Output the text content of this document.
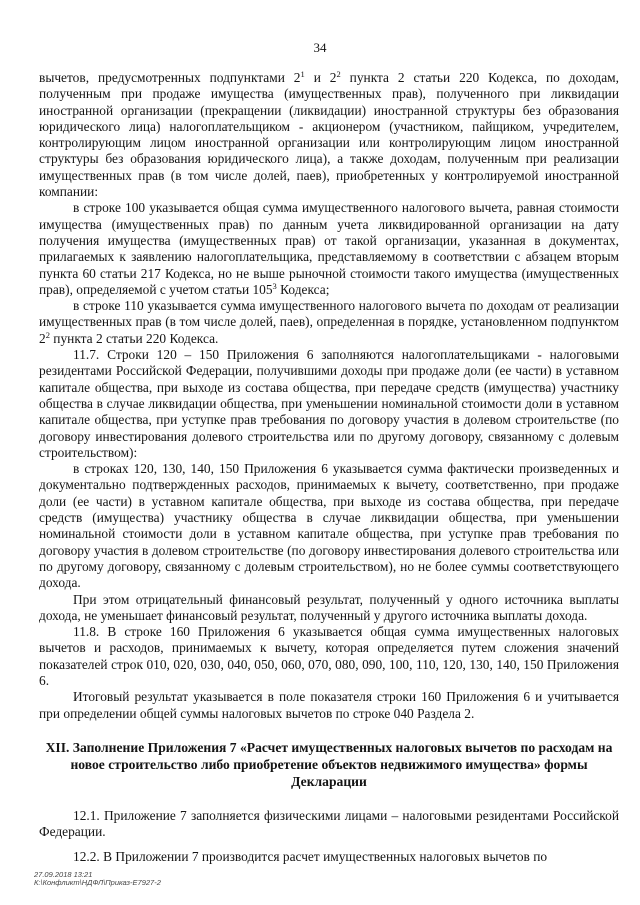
34

вычетов, предусмотренных подпунктами $2^1$ и $2^2$ пункта 2 статьи 220 Кодекса, по доходам, полученным при продаже имущества (имущественных прав), полученного при ликвидации иностранной организации (прекращении (ликвидации) иностранной структуры без образования юридического лица) налогоплательщиком - акционером (участником, пайщиком, учредителем, контролирующим лицом иностранной организации или контролирующим лицом иностранной структуры без образования юридического лица), а также доходам, полученным при реализации имущественных прав (в том числе долей, паев), приобретенных у контролируемой иностранной компании:

в строке 100 указывается общая сумма имущественного налогового вычета, равная стоимости имущества (имущественных прав) по данным учета ликвидированной организации на дату получения имущества (имущественных прав) от такой организации, указанная в документах, прилагаемых к заявлению налогоплательщика, представляемому в соответствии с абзацем вторым пункта 60 статьи 217 Кодекса, но не выше рыночной стоимости такого имущества (имущественных прав), определяемой с учетом статьи $105^3$ Кодекса;

в строке 110 указывается сумма имущественного налогового вычета по доходам от реализации имущественных прав (в том числе долей, паев), определенная в порядке, установленном подпунктом $2^2$ пункта 2 статьи 220 Кодекса.

11.7. Строки 120 – 150 Приложения 6 заполняются налогоплательщиками - налоговыми резидентами Российской Федерации, получившими доходы при продаже доли (ее части) в уставном капитале общества, при выходе из состава общества, при передаче средств (имущества) участнику общества в случае ликвидации общества, при уменьшении номинальной стоимости доли в уставном капитале общества, при уступке прав требования по договору участия в долевом строительстве (по договору инвестирования долевого строительства или по другому договору, связанному с долевым строительством):

в строках 120, 130, 140, 150 Приложения 6 указывается сумма фактически произведенных и документально подтвержденных расходов, принимаемых к вычету, соответственно, при продаже доли (ее части) в уставном капитале общества, при выходе из состава общества, при передаче средств (имущества) участнику общества в случае ликвидации общества, при уменьшении номинальной стоимости доли в уставном капитале общества, при уступке прав требования по договору участия в долевом строительстве (по договору инвестирования долевого строительства или по другому договору, связанному с долевым строительством), но не более суммы соответствующего дохода.

При этом отрицательный финансовый результат, полученный у одного источника выплаты дохода, не уменьшает финансовый результат, полученный у другого источника выплаты дохода.

11.8. В строке 160 Приложения 6 указывается общая сумма имущественных налоговых вычетов и расходов, принимаемых к вычету, которая определяется путем сложения значений показателей строк 010, 020, 030, 040, 050, 060, 070, 080, 090, 100, 110, 120, 130, 140, 150 Приложения 6.

Итоговый результат указывается в поле показателя строки 160 Приложения 6 и учитывается при определении общей суммы налоговых вычетов по строке 040 Раздела 2.

XII. Заполнение Приложения 7 «Расчет имущественных налоговых вычетов по расходам на новое строительство либо приобретение объектов недвижимого имущества» формы Декларации

12.1. Приложение 7 заполняется физическими лицами – налоговыми резидентами Российской Федерации.

12.2. В Приложении 7 производится расчет имущественных налоговых вычетов по

27.09.2018 13:21
К:\Конфликт\НДФЛ\Приказ-E7927-2
